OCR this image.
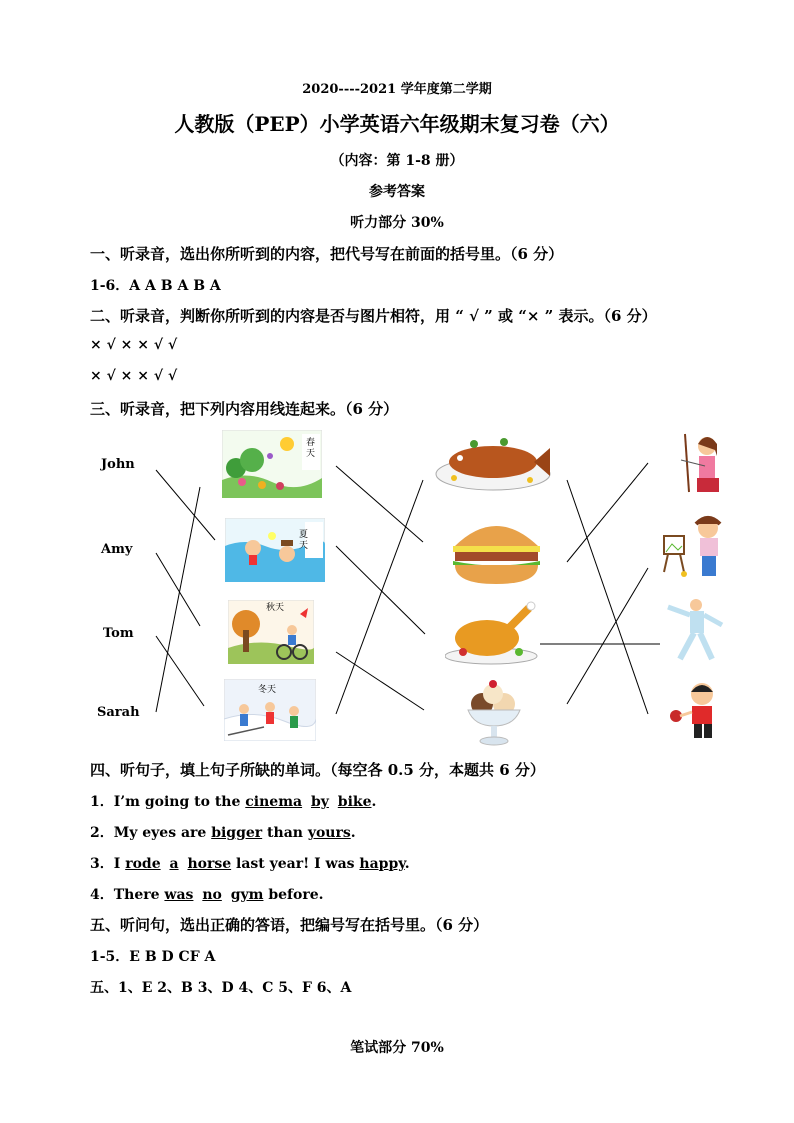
2020----2021 学年度第二学期
人教版（PEP）小学英语六年级期末复习卷（六）
（内容：第 1-8 册）
参考答案
听力部分 30%
一、听录音，选出你所听到的内容，把代号写在前面的括号里。（6 分）
1-6．A A B A B A
二、听录音，判断你所听到的内容是否与图片相符，用 “ √ ” 或 “× ” 表示。（6 分）
× √ × × √ √
× √ × × √ √
三、听录音，把下列内容用线连起来。（6 分）
John
Amy
Tom
Sarah
春天
夏天
秋天
冬天
四、听句子，填上句子所缺的单词。（每空各 0.5 分，本题共 6 分）
1．I’m going to the cinema by bike.
2．My eyes are bigger than yours.
3．I rode a horse last year! I was happy.
4．There was no gym before.
五、听问句，选出正确的答语，把编号写在括号里。（6 分）
1-5．E B D CF A
五、1、E 2、B 3、D 4、C 5、F 6、A
笔试部分 70%
